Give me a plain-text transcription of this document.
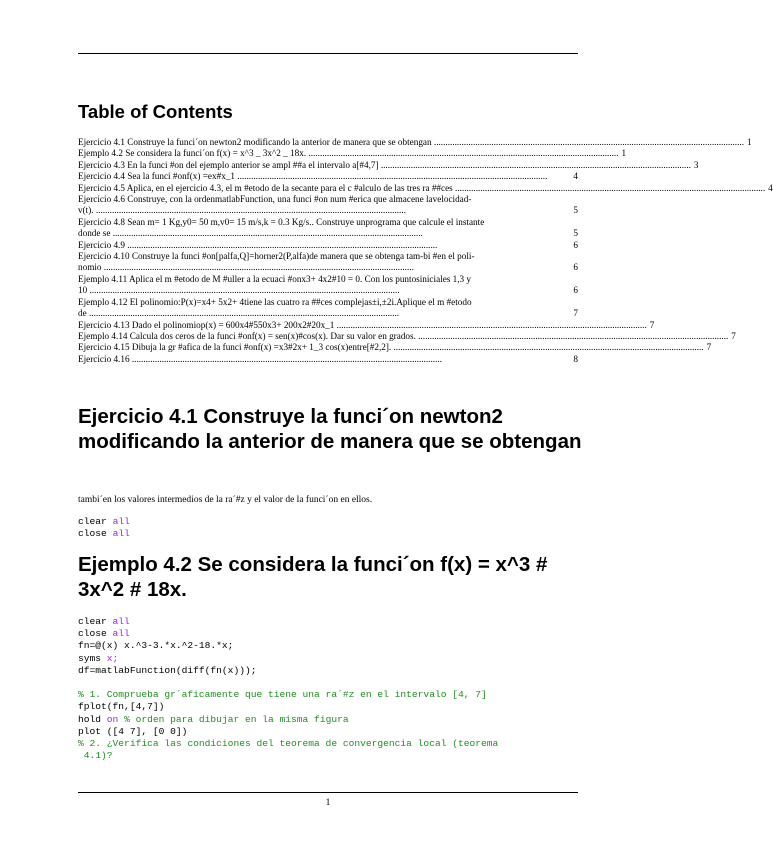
Table of Contents
Ejercicio 4.1 Construye la funci´on newton2 modificando la anterior de manera que se obtengan ....................................................................................................................................... 1
Ejemplo 4.2 Se considera la funci´on f(x) = x^3 _ 3x^2 _ 18x. ....................................................................................................................................... 1
Ejercicio 4.3 En la funci #on del ejemplo anterior se ampl ##a el intervalo a[#4,7] ....................................................................................................................................... 3
Ejercicio 4.4 Sea la funci #onf(x) =ex#x_1 .......................................................................................................................................	4
Ejercicio 4.5 Aplica, en el ejercicio 4.3, el m #etodo de la secante para el c #alculo de las tres ra ##ces ....................................................................................................................................... 4
Ejercicio 4.6 Construye, con la ordenmatlabFunction, una funci #on num #erica que almacene lavelocidad-
v(t). .......................................................................................................................................	5
Ejercicio 4.8 Sean m= 1 Kg,y0= 50 m,v0= 15 m/s,k = 0.3 Kg/s.. Construye unprograma que calcule el instante
donde se .......................................................................................................................................	5
Ejercicio 4.9 .......................................................................................................................................	6
Ejercicio 4.10 Construye la funci #on[palfa,Q]=horner2(P,alfa)de manera que se obtenga tam-bi #en el poli-
nomio .......................................................................................................................................	6
Ejemplo 4.11 Aplica el m #etodo de M #uller a la ecuaci #onx3+ 4x2#10 = 0. Con los puntosiniciales 1,3 y
10 .......................................................................................................................................	6
Ejemplo 4.12 El polinomio:P(x)=x4+ 5x2+ 4tiene las cuatro ra ##ces complejas±i,±2i.Aplique el m #etodo
de .......................................................................................................................................	7
Ejercicio 4.13 Dado el polinomiop(x) = 600x4#550x3+ 200x2#20x_1 ....................................................................................................................................... 7
Ejemplo 4.14 Calcula dos ceros de la funci #onf(x) = sen(x)#cos(x). Dar su valor en grados. ....................................................................................................................................... 7
Ejercicio 4.15 Dibuja la gr #afica de la funci #onf(x) =x3#2x+ 1_3 cos(x)entre[#2,2]. ....................................................................................................................................... 7
Ejercicio 4.16 .......................................................................................................................................	8
Ejercicio 4.1 Construye la funci´on newton2 modificando la anterior de manera que se obtengan
tambi´en los valores intermedios de la ra´#z y el valor de la funci´on en ellos.
clear all
close all
Ejemplo 4.2 Se considera la funci´on f(x) = x^3 # 3x^2 # 18x.
clear all
close all
fn=@(x) x.^3-3.*x.^2-18.*x;
syms x;
df=matlabFunction(diff(fn(x)));

% 1. Comprueba gr´aficamente que tiene una ra´#z en el intervalo [4, 7]
fplot(fn,[4,7])
hold on % orden para dibujar en la misma figura
plot ([4 7], [0 0])
% 2. ¿Verifica las condiciones del teorema de convergencia local (teorema
4.1)?
1
